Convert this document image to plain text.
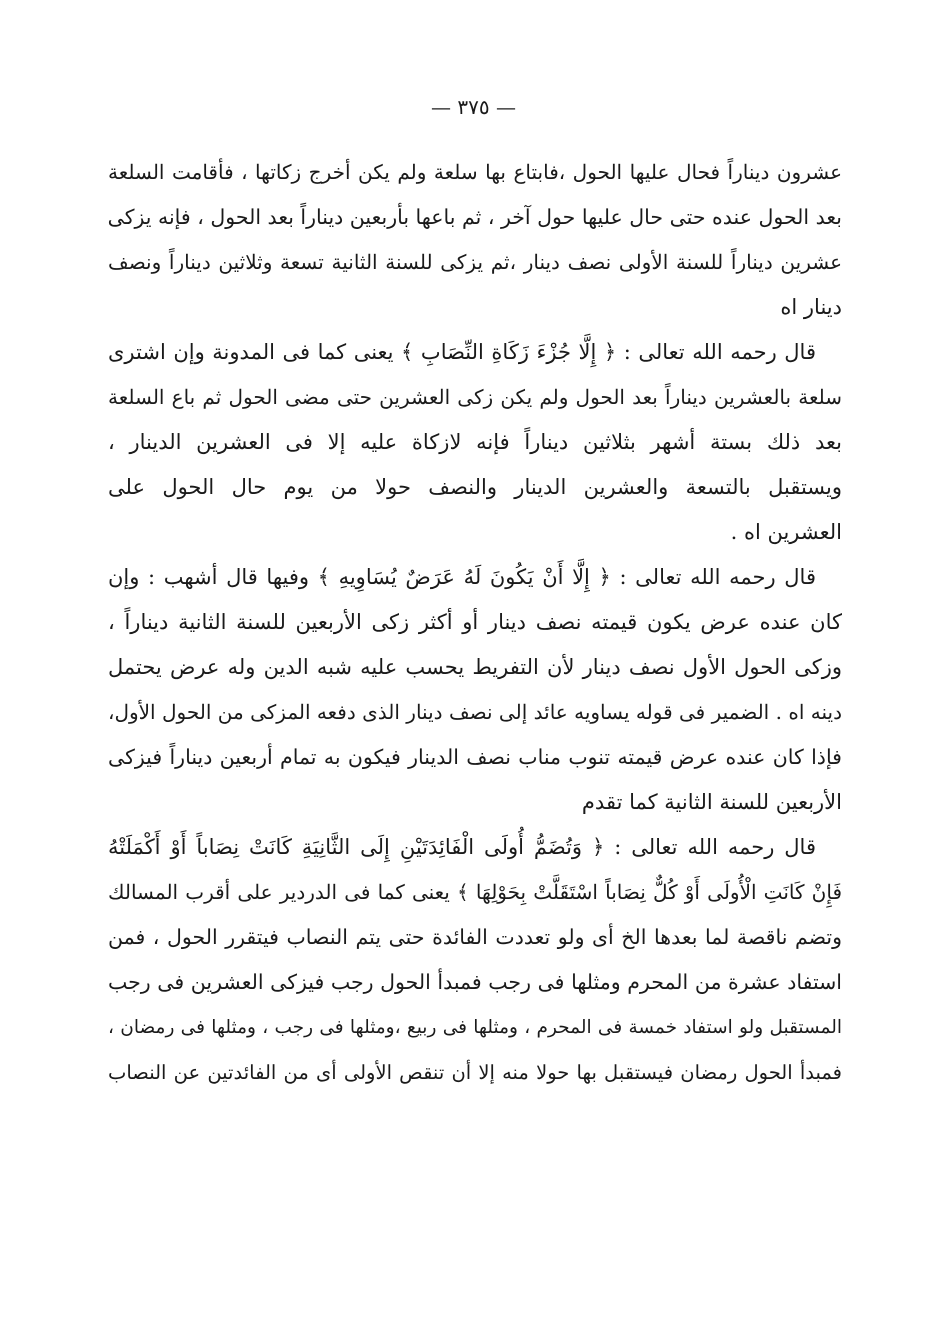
— ٣٧٥ —
عشرون ديناراً فحال عليها الحول ،فابتاع بها سلعة ولم يكن أخرج زكاتها ، فأقامت السلعة
بعد الحول عنده حتى حال عليها حول آخر ، ثم باعها بأربعين ديناراً بعد الحول ، فإنه يزكى
عشرين ديناراً للسنة الأولى نصف دينار ،ثم يزكى للسنة الثانية تسعة وثلاثين ديناراً ونصف
دينار اه
قال رحمه الله تعالى : ﴿ إِلَّا جُزْءَ زَكَاةِ النِّصَابِ ﴾ يعنى كما فى المدونة وإن اشترى
سلعة بالعشرين ديناراً بعد الحول ولم يكن زكى العشرين حتى مضى الحول ثم باع السلعة
بعد ذلك بستة أشهر بثلاثين ديناراً فإنه لازكاة عليه إلا فى العشرين الدينار ،
ويستقبل بالتسعة والعشرين الدينار والنصف حولا من يوم حال الحول على
العشرين اه .
قال رحمه الله تعالى : ﴿ إِلَّا أَنْ يَكُونَ لَهُ عَرَضٌ يُسَاوِيهِ ﴾ وفيها قال أشهب : وإن
كان عنده عرض يكون قيمته نصف دينار أو أكثر زكى الأربعين للسنة الثانية ديناراً ،
وزكى الحول الأول نصف دينار لأن التفريط يحسب عليه شبه الدين وله عرض يحتمل
دينه اه . الضمير فى قوله يساويه عائد إلى نصف دينار الذى دفعه المزكى من الحول الأول،
فإذا كان عنده عرض قيمته تنوب مناب نصف الدينار فيكون به تمام أربعين ديناراً فيزكى
الأربعين للسنة الثانية كما تقدم
قال رحمه الله تعالى : ﴿ وَتُضَمُّ أُولَى الْفَائِدَتَيْنِ إِلَى الثَّانِيَةِ كَانَتْ نِصَاباً أَوْ أَكْمَلَتْهُ
فَإِنْ كَانَتِ الْأُولَى أَوْ كُلٌّ نِصَاباً اسْتَقَلَّتْ بِحَوْلِهَا ﴾ يعنى كما فى الدردير على أقرب المسالك
وتضم ناقصة لما بعدها الخ أى ولو تعددت الفائدة حتى يتم النصاب فيتقرر الحول ، فمن
استفاد عشرة من المحرم ومثلها فى رجب فمبدأ الحول رجب فيزكى العشرين فى رجب
المستقبل ولو استفاد خمسة فى المحرم ، ومثلها فى ربيع ،ومثلها فى رجب ، ومثلها فى رمضان ،
فمبدأ الحول رمضان فيستقبل بها حولا منه إلا أن تنقص الأولى أى من الفائدتين عن النصاب
